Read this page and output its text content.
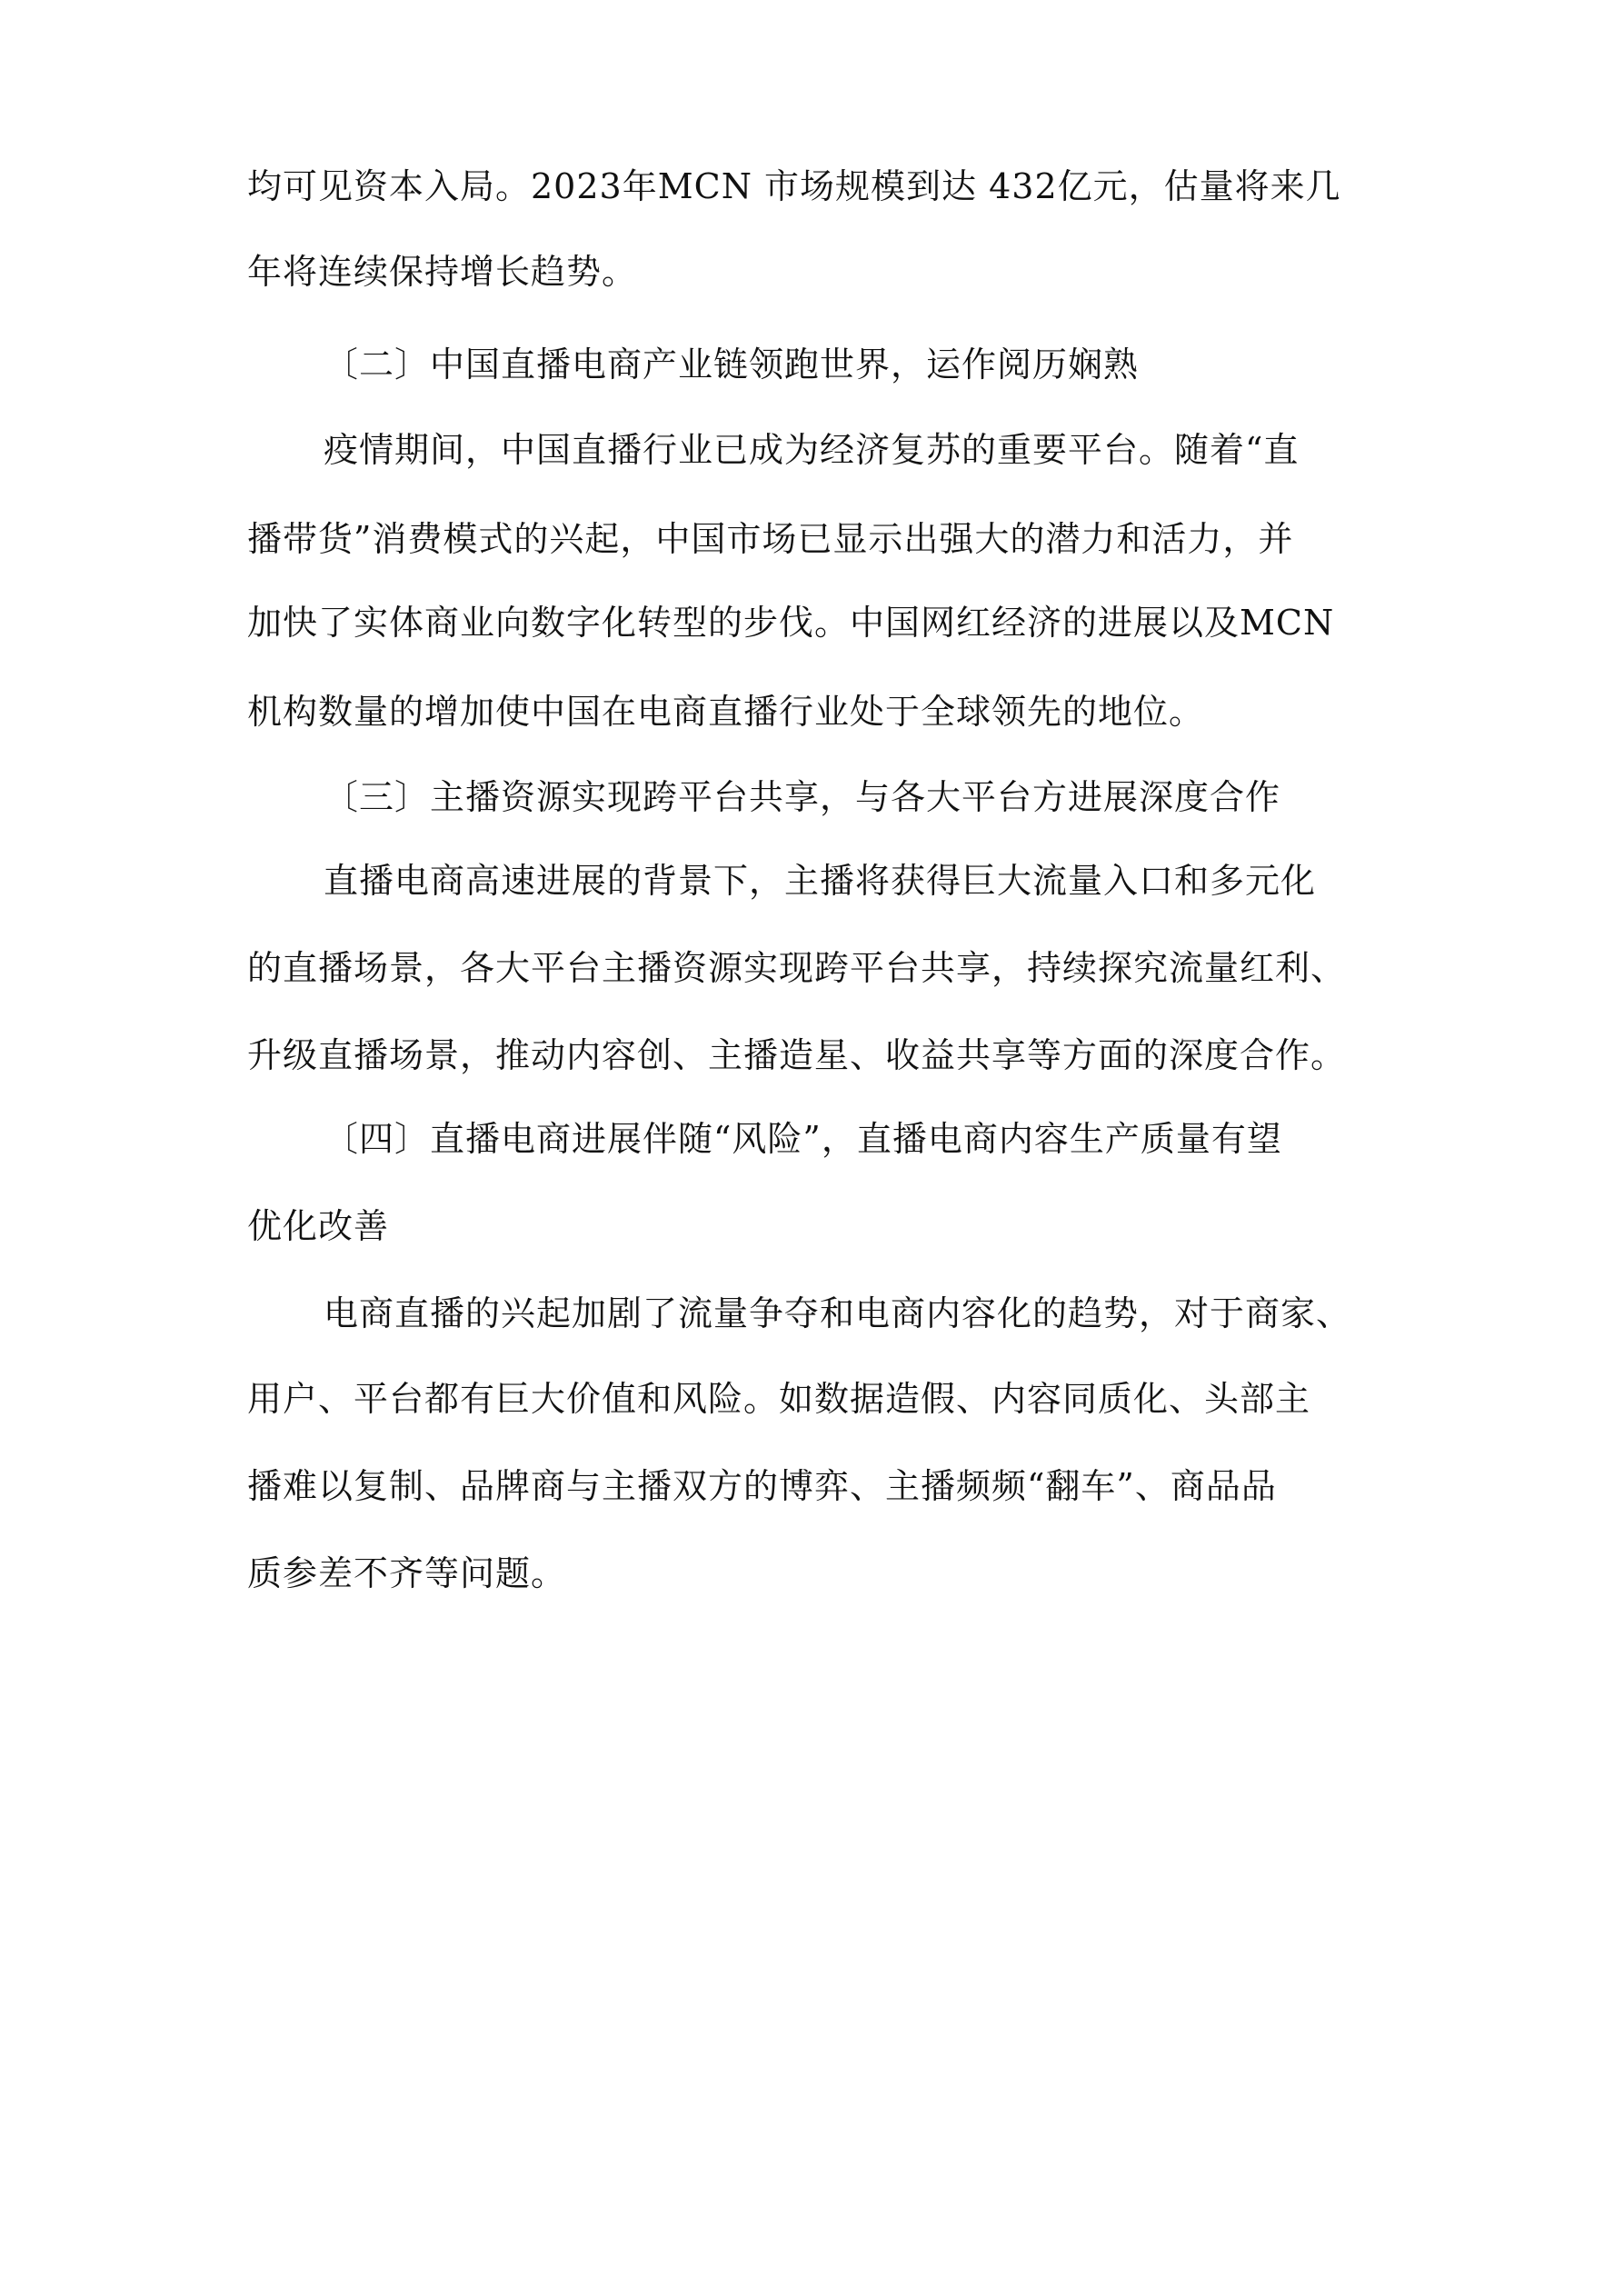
均可见资本入局。2023年MCN 市场规模到达 432亿元，估量将来几
年将连续保持增长趋势。
〔二〕中国直播电商产业链领跑世界，运作阅历娴熟
疫情期间，中国直播行业已成为经济复苏的重要平台。随着“直
播带货”消费模式的兴起，中国市场已显示出强大的潜力和活力，并
加快了实体商业向数字化转型的步伐。中国网红经济的进展以及MCN
机构数量的增加使中国在电商直播行业处于全球领先的地位。
〔三〕主播资源实现跨平台共享，与各大平台方进展深度合作
直播电商高速进展的背景下，主播将获得巨大流量入口和多元化
的直播场景，各大平台主播资源实现跨平台共享，持续探究流量红利、
升级直播场景，推动内容创、主播造星、收益共享等方面的深度合作。
〔四〕直播电商进展伴随“风险”，直播电商内容生产质量有望
优化改善
电商直播的兴起加剧了流量争夺和电商内容化的趋势，对于商家、
用户、平台都有巨大价值和风险。如数据造假、内容同质化、头部主
播难以复制、品牌商与主播双方的博弈、主播频频“翻车”、商品品
质参差不齐等问题。
